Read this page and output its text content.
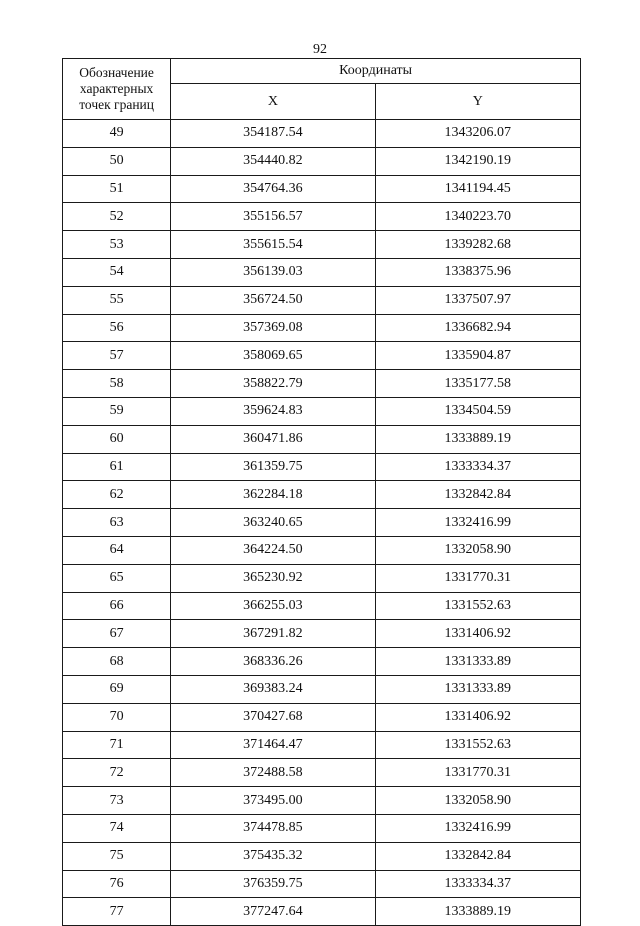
92
Обозначение характерных точек границ	Координаты	
	X	Y
49	354187.54	1343206.07
50	354440.82	1342190.19
51	354764.36	1341194.45
52	355156.57	1340223.70
53	355615.54	1339282.68
54	356139.03	1338375.96
55	356724.50	1337507.97
56	357369.08	1336682.94
57	358069.65	1335904.87
58	358822.79	1335177.58
59	359624.83	1334504.59
60	360471.86	1333889.19
61	361359.75	1333334.37
62	362284.18	1332842.84
63	363240.65	1332416.99
64	364224.50	1332058.90
65	365230.92	1331770.31
66	366255.03	1331552.63
67	367291.82	1331406.92
68	368336.26	1331333.89
69	369383.24	1331333.89
70	370427.68	1331406.92
71	371464.47	1331552.63
72	372488.58	1331770.31
73	373495.00	1332058.90
74	374478.85	1332416.99
75	375435.32	1332842.84
76	376359.75	1333334.37
77	377247.64	1333889.19
